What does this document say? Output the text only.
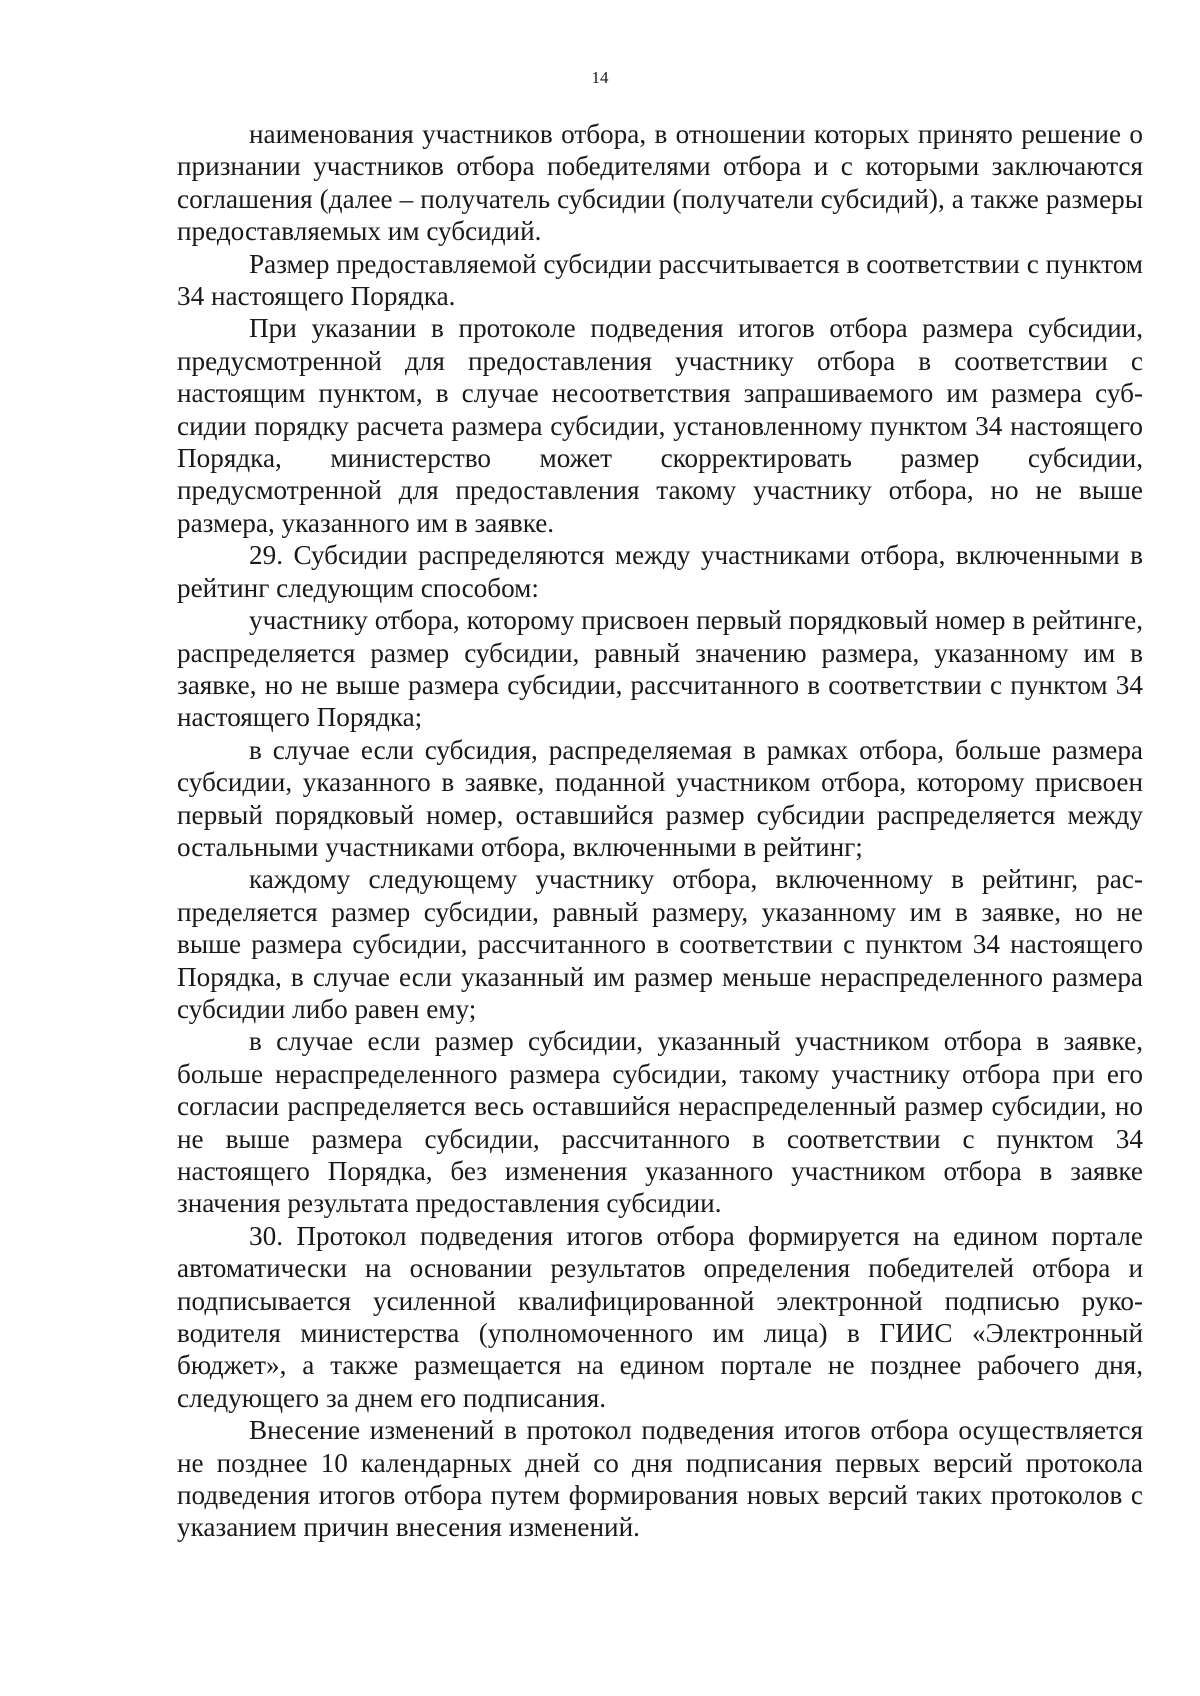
14

наименования участников отбора, в отношении которых принято решение о признании участников отбора победителями отбора и с которыми заключаются соглашения (далее – получатель субсидии (получатели субсидий), а также размеры предоставляемых им субсидий.

Размер предоставляемой субсидии рассчитывается в соответствии с пунктом 34 настоящего Порядка.

При указании в протоколе подведения итогов отбора размера субсидии, предусмотренной для предоставления участнику отбора в соответствии с настоящим пунктом, в случае несоответствия запрашиваемого им размера субсидии порядку расчета размера субсидии, установленному пунктом 34 настоящего Порядка, министерство может скорректировать размер субсидии, предусмотренной для предоставления такому участнику отбора, но не выше размера, указанного им в заявке.

29. Субсидии распределяются между участниками отбора, включенными в рейтинг следующим способом:

участнику отбора, которому присвоен первый порядковый номер в рейтинге, распределяется размер субсидии, равный значению размера, указанному им в заявке, но не выше размера субсидии, рассчитанного в соответствии с пунктом 34 настоящего Порядка;

в случае если субсидия, распределяемая в рамках отбора, больше размера субсидии, указанного в заявке, поданной участником отбора, которому присвоен первый порядковый номер, оставшийся размер субсидии распределяется между остальными участниками отбора, включенными в рейтинг;

каждому следующему участнику отбора, включенному в рейтинг, распределяется размер субсидии, равный размеру, указанному им в заявке, но не выше размера субсидии, рассчитанного в соответствии с пунктом 34 настоящего Порядка, в случае если указанный им размер меньше нераспределенного размера субсидии либо равен ему;

в случае если размер субсидии, указанный участником отбора в заявке, больше нераспределенного размера субсидии, такому участнику отбора при его согласии распределяется весь оставшийся нераспределенный размер субсидии, но не выше размера субсидии, рассчитанного в соответствии с пунктом 34 настоящего Порядка, без изменения указанного участником отбора в заявке значения результата предоставления субсидии.

30. Протокол подведения итогов отбора формируется на едином портале автоматически на основании результатов определения победителей отбора и подписывается усиленной квалифицированной электронной подписью руководителя министерства (уполномоченного им лица) в ГИИС «Электронный бюджет», а также размещается на едином портале не позднее рабочего дня, следующего за днем его подписания.

Внесение изменений в протокол подведения итогов отбора осуществляется не позднее 10 календарных дней со дня подписания первых версий протокола подведения итогов отбора путем формирования новых версий таких протоколов с указанием причин внесения изменений.
